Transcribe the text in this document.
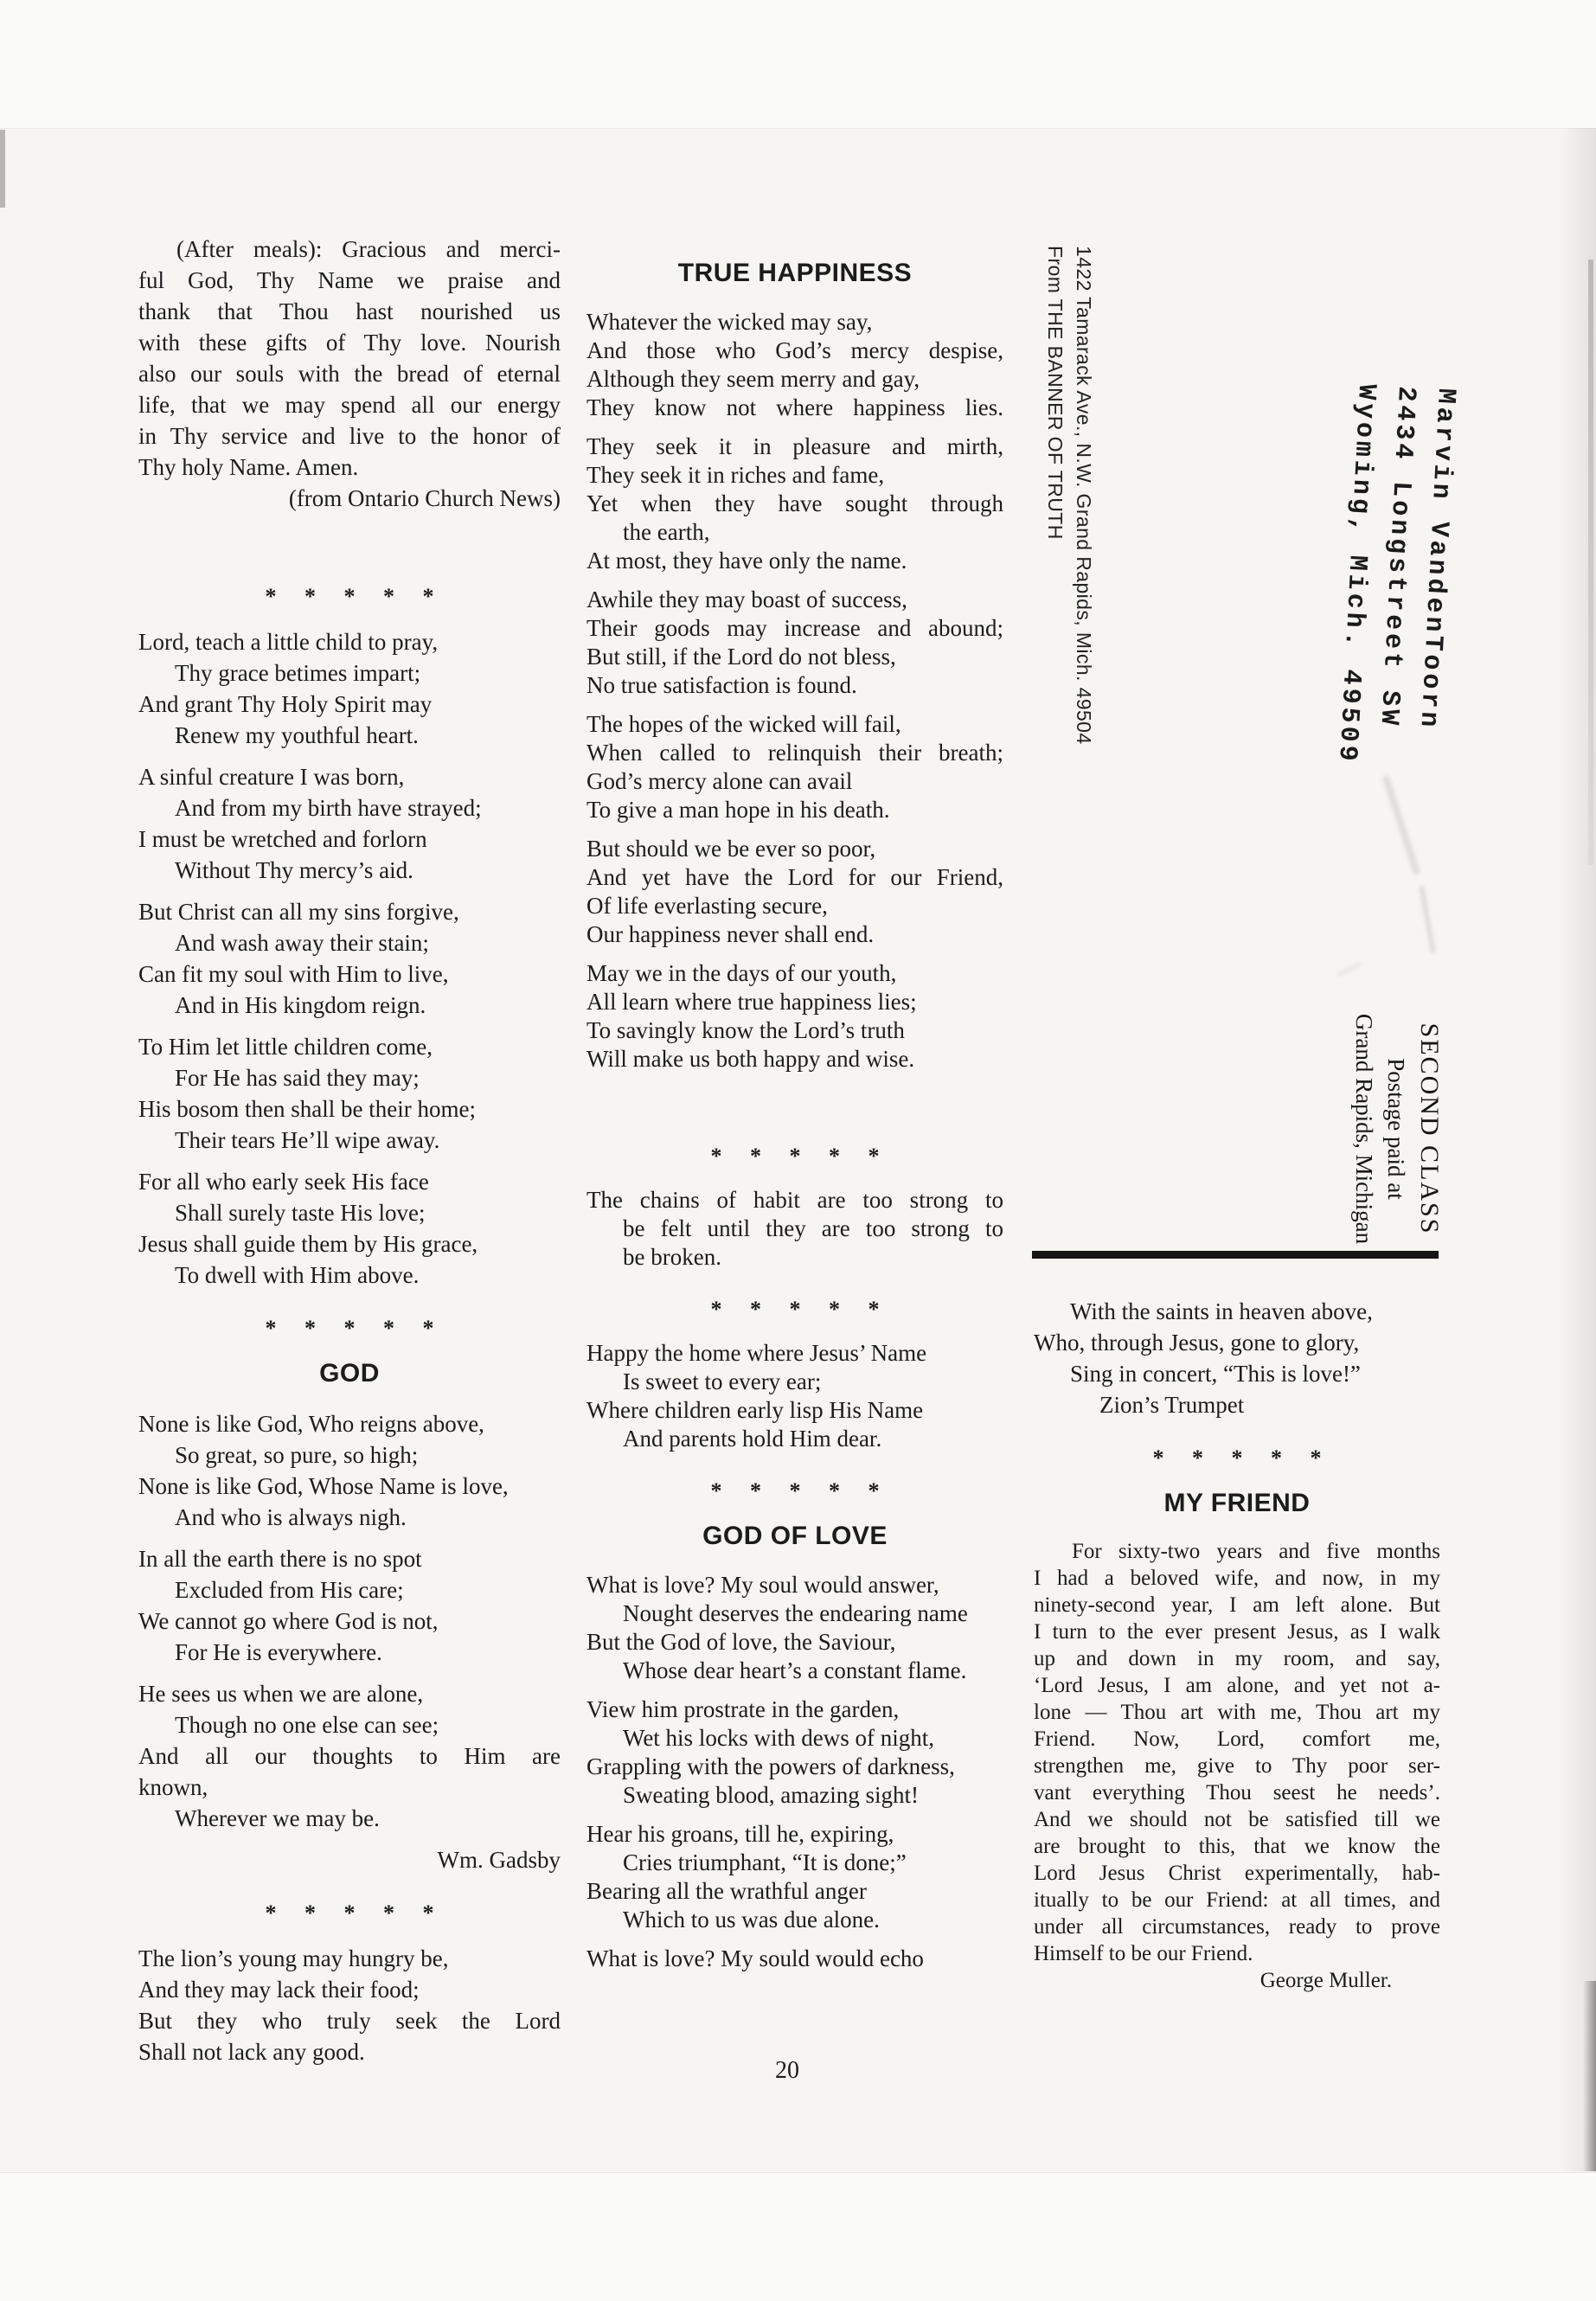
(After meals): Gracious and merci-
ful God, Thy Name we praise and
thank that Thou hast nourished us
with these gifts of Thy love. Nourish
also our souls with the bread of eternal
life, that we may spend all our energy
in Thy service and live to the honor of
Thy holy Name. Amen.
(from Ontario Church News)
* * * * *
Lord, teach a little child to pray,
Thy grace betimes impart;
And grant Thy Holy Spirit may
Renew my youthful heart.
A sinful creature I was born,
And from my birth have strayed;
I must be wretched and forlorn
Without Thy mercy’s aid.
But Christ can all my sins forgive,
And wash away their stain;
Can fit my soul with Him to live,
And in His kingdom reign.
To Him let little children come,
For He has said they may;
His bosom then shall be their home;
Their tears He’ll wipe away.
For all who early seek His face
Shall surely taste His love;
Jesus shall guide them by His grace,
To dwell with Him above.
* * * * *
GOD
None is like God, Who reigns above,
So great, so pure, so high;
None is like God, Whose Name is love,
And who is always nigh.
In all the earth there is no spot
Excluded from His care;
We cannot go where God is not,
For He is everywhere.
He sees us when we are alone,
Though no one else can see;
And all our thoughts to Him are
known,
Wherever we may be.
Wm. Gadsby
* * * * *
The lion’s young may hungry be,
And they may lack their food;
But they who truly seek the Lord
Shall not lack any good.
TRUE HAPPINESS
Whatever the wicked may say,
And those who God’s mercy despise,
Although they seem merry and gay,
They know not where happiness lies.
They seek it in pleasure and mirth,
They seek it in riches and fame,
Yet when they have sought through
the earth,
At most, they have only the name.
Awhile they may boast of success,
Their goods may increase and abound;
But still, if the Lord do not bless,
No true satisfaction is found.
The hopes of the wicked will fail,
When called to relinquish their breath;
God’s mercy alone can avail
To give a man hope in his death.
But should we be ever so poor,
And yet have the Lord for our Friend,
Of life everlasting secure,
Our happiness never shall end.
May we in the days of our youth,
All learn where true happiness lies;
To savingly know the Lord’s truth
Will make us both happy and wise.
* * * * *
The chains of habit are too strong to
be felt until they are too strong to
be broken.
* * * * *
Happy the home where Jesus’ Name
Is sweet to every ear;
Where children early lisp His Name
And parents hold Him dear.
* * * * *
GOD OF LOVE
What is love? My soul would answer,
Nought deserves the endearing name
But the God of love, the Saviour,
Whose dear heart’s a constant flame.
View him prostrate in the garden,
Wet his locks with dews of night,
Grappling with the powers of darkness,
Sweating blood, amazing sight!
Hear his groans, till he, expiring,
Cries triumphant, “It is done;”
Bearing all the wrathful anger
Which to us was due alone.
What is love? My sould would echo
With the saints in heaven above,
Who, through Jesus, gone to glory,
Sing in concert, “This is love!”
Zion’s Trumpet
* * * * *
MY FRIEND
For sixty-two years and five months
I had a beloved wife, and now, in my
ninety-second year, I am left alone. But
I turn to the ever present Jesus, as I walk
up and down in my room, and say,
‘Lord Jesus, I am alone, and yet not a-
lone — Thou art with me, Thou art my
Friend. Now, Lord, comfort me,
strengthen me, give to Thy poor ser-
vant everything Thou seest he needs’.
And we should not be satisfied till we
are brought to this, that we know the
Lord Jesus Christ experimentally, hab-
itually to be our Friend: at all times, and
under all circumstances, ready to prove
Himself to be our Friend.
George Muller.
From THE BANNER OF TRUTH 1422 Tamarack Ave., N.W. Grand Rapids, Mich. 49504	Marvin VandenToorn
2434 Longstreet SW
Wyoming, Mich. 49509
SECOND CLASS
Postage paid at
Grand Rapids, Michigan
20
